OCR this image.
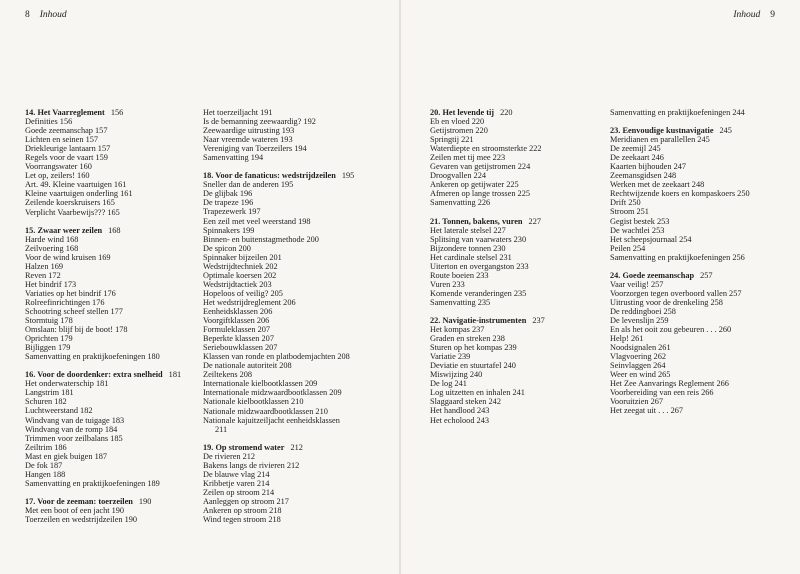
8 Inhoud
14. Het Vaarreglement 156
Definities 156
Goede zeemanschap 157
Lichten en seinen 157
Driekleurige lantaarn 157
Regels voor de vaart 159
Voorrangswater 160
Let op, zeilers! 160
Art. 49. Kleine vaartuigen 161
Kleine vaartuigen onderling 161
Zeilende koerskruisers 165
Verplicht Vaarbewijs??? 165
15. Zwaar weer zeilen 168
Harde wind 168
Zeilvoering 168
Voor de wind kruisen 169
Halzen 169
Reven 172
Het bindrif 173
Variaties op het bindrif 176
Rolreefinrichtingen 176
Schootring scheef stellen 177
Stormtuig 178
Omslaan: blijf bij de boot! 178
Oprichten 179
Bijliggen 179
Samenvatting en praktijkoefeningen 180
16. Voor de doordenker: extra snelheid 181
Het onderwaterschip 181
Langstrim 181
Schuren 182
Luchtweerstand 182
Windvang van de tuigage 183
Windvang van de romp 184
Trimmen voor zeilbalans 185
Zeiltrim 186
Mast en giek buigen 187
De fok 187
Hangen 188
Samenvatting en praktijkoefeningen 189
17. Voor de zeeman: toerzeilen 190
Met een boot of een jacht 190
Toerzeilen en wedstrijdzeilen 190
Het toerzeiljacht 191
Is de bemanning zeewaardig? 192
Zeewaardige uitrusting 193
Naar vreemde wateren 193
Vereniging van Toerzeilers 194
Samenvatting 194
18. Voor de fanaticus: wedstrijdzeilen 195
Sneller dan de anderen 195
De glijbak 196
De trapeze 196
Trapezewerk 197
Een zeil met veel weerstand 198
Spinnakers 199
Binnen- en buitenstagmethode 200
De spicon 200
Spinnaker bijzeilen 201
Wedstrijdtechniek 202
Optimale koersen 202
Wedstrijdtactiek 203
Hopeloos of veilig? 205
Het wedstrijdreglement 206
Eenheidsklassen 206
Voorgiftklassen 206
Formuleklassen 207
Beperkte klassen 207
Seriebouwklassen 207
Klassen van ronde en platbodemjachten 208
De nationale autoriteit 208
Zeiltekens 208
Internationale kielbootklassen 209
Internationale midzwaardbootklassen 209
Nationale kielbootklassen 210
Nationale midzwaardbootklassen 210
Nationale kajuitzeiljacht eenheidsklassen
211
19. Op stromend water 212
De rivieren 212
Bakens langs de rivieren 212
De blauwe vlag 214
Kribbetje varen 214
Zeilen op stroom 214
Aanleggen op stroom 217
Ankeren op stroom 218
Wind tegen stroom 218
Inhoud 9
20. Het levende tij 220
Eb en vloed 220
Getijstromen 220
Springtij 221
Waterdiepte en stroomsterkte 222
Zeilen met tij mee 223
Gevaren van getijstromen 224
Droogvallen 224
Ankeren op getijwater 225
Afmeren op lange trossen 225
Samenvatting 226
21. Tonnen, bakens, vuren 227
Het laterale stelsel 227
Splitsing van vaarwaters 230
Bijzondere tonnen 230
Het cardinale stelsel 231
Uiterton en overgangston 233
Route boeien 233
Vuren 233
Komende veranderingen 235
Samenvatting 235
22. Navigatie-instrumenten 237
Het kompas 237
Graden en streken 238
Sturen op het kompas 239
Variatie 239
Deviatie en stuurtafel 240
Miswijzing 240
De log 241
Log uitzetten en inhalen 241
Slaggaard steken 242
Het handlood 243
Het echolood 243
Samenvatting en praktijkoefeningen 244
23. Eenvoudige kustnavigatie 245
Meridianen en parallellen 245
De zeemijl 245
De zeekaart 246
Kaarten bijhouden 247
Zeemansgidsen 248
Werken met de zeekaart 248
Rechtwijzende koers en kompaskoers 250
Drift 250
Stroom 251
Gegist bestek 253
De wachtlei 253
Het scheepsjournaal 254
Peilen 254
Samenvatting en praktijkoefeningen 256
24. Goede zeemanschap 257
Vaar veilig! 257
Voorzorgen tegen overboord vallen 257
Uitrusting voor de drenkeling 258
De reddingboei 258
De levenslijn 259
En als het ooit zou gebeuren . . . 260
Help! 261
Noodsignalen 261
Vlagvoering 262
Seinvlaggen 264
Weer en wind 265
Het Zee Aanvarings Reglement 266
Voorbereiding van een reis 266
Vooruitzien 267
Het zeegat uit . . . 267
